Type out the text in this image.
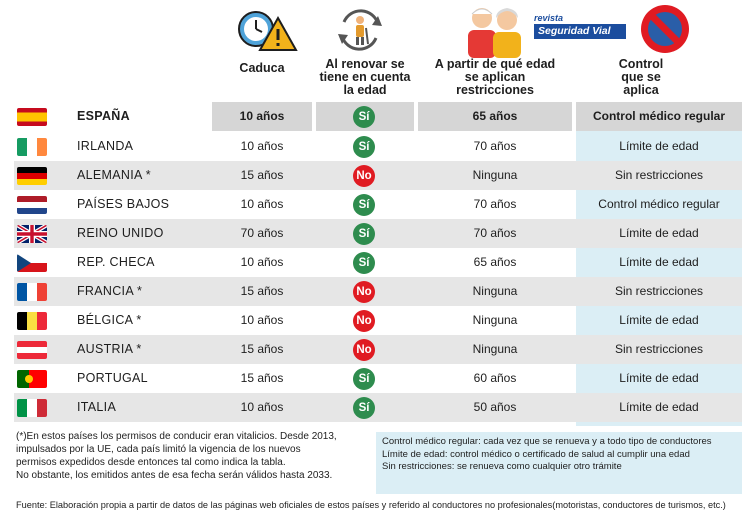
revista
Seguridad Vial
Caduca	Al renovar se
tiene en cuenta
la edad
A partir de qué edad
se aplican
restricciones
Control
que se
aplica
ESPAÑA	10 años	Sí	65 años	Control médico regular
IRLANDA	10 años	Sí	70 años	Límite de edad
ALEMANIA *	15 años	No	Ninguna	Sin restricciones
PAÍSES BAJOS	10 años	Sí	70 años	Control médico regular
REINO UNIDO	70 años	Sí	70 años	Límite de edad
REP. CHECA	10 años	Sí	65 años	Límite de edad
FRANCIA *	15 años	No	Ninguna	Sin restricciones
BÉLGICA *	10 años	No	Ninguna	Límite de edad
AUSTRIA *	15 años	No	Ninguna	Sin restricciones
PORTUGAL	15 años	Sí	60 años	Límite de edad
ITALIA	10 años	Sí	50 años	Límite de edad
(*)En estos países los permisos de conducir eran vitalicios. Desde 2013,
impulsados por la UE, cada país limitó la vigencia de los nuevos
permisos expedidos desde entonces tal como indica la tabla.
No obstante, los emitidos antes de esa fecha serán válidos hasta 2033.
Control médico regular: cada vez que se renueva y a todo tipo de conductores
Límite de edad: control médico o certificado de salud al cumplir una edad
Sin restricciones: se renueva como cualquier otro trámite
Fuente: Elaboración propia a partir de datos de las páginas web oficiales de estos países y referido al conductores no profesionales(motoristas, conductores de turismos, etc.)
